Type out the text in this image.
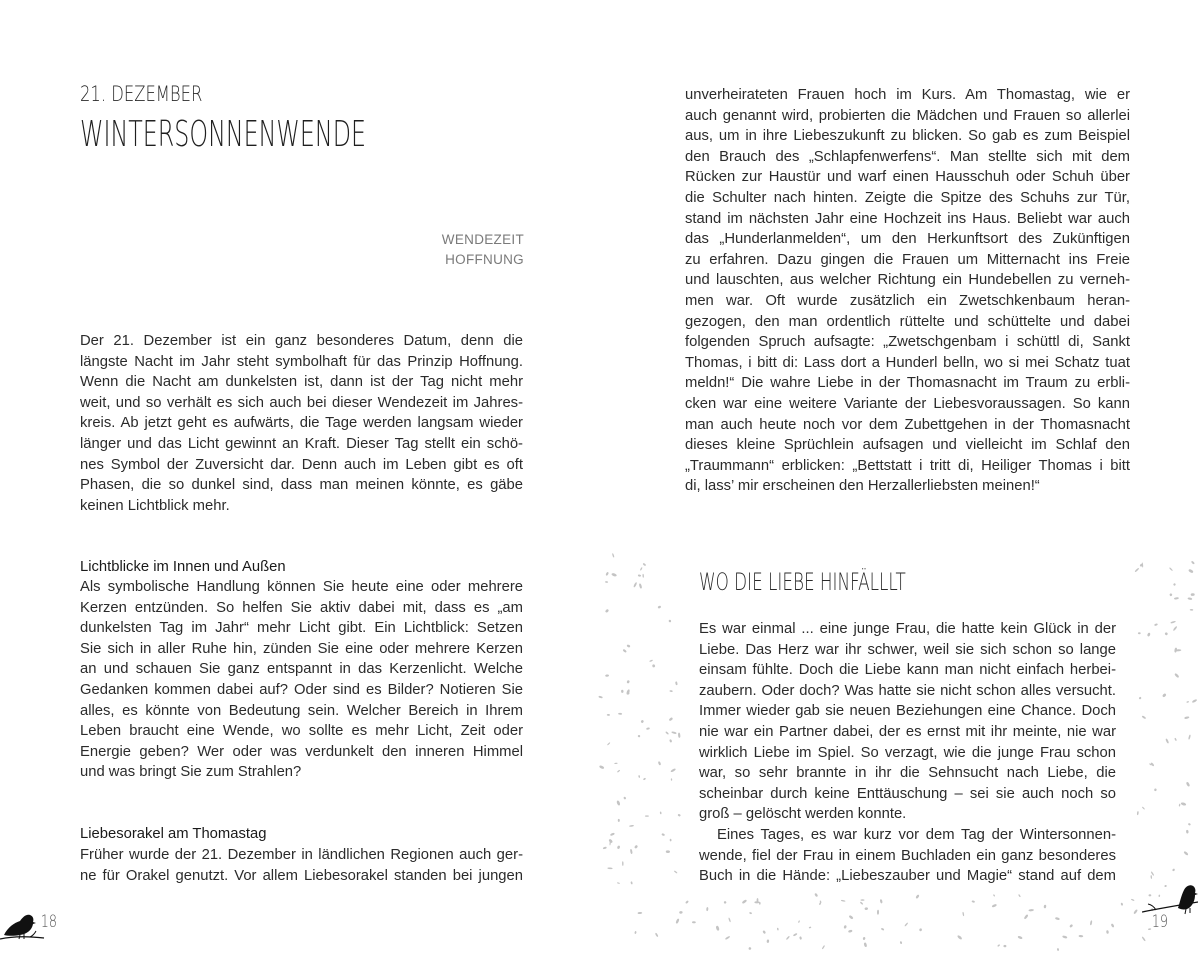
21. DEZEMBER
WINTERSONNENWENDE
WENDEZEIT
HOFFNUNG
Der 21. Dezember ist ein ganz besonderes Datum, denn die
längste Nacht im Jahr steht symbolhaft für das Prinzip Hoffnung.
Wenn die Nacht am dunkelsten ist, dann ist der Tag nicht mehr
weit, und so verhält es sich auch bei dieser Wendezeit im Jahres-
kreis. Ab jetzt geht es aufwärts, die Tage werden langsam wieder
länger und das Licht gewinnt an Kraft. Dieser Tag stellt ein schö-
nes Symbol der Zuversicht dar. Denn auch im Leben gibt es oft
Phasen, die so dunkel sind, dass man meinen könnte, es gäbe
keinen Lichtblick mehr.
Lichtblicke im Innen und Außen
Als symbolische Handlung können Sie heute eine oder mehrere
Kerzen entzünden. So helfen Sie aktiv dabei mit, dass es „am
dunkelsten Tag im Jahr“ mehr Licht gibt. Ein Lichtblick: Setzen
Sie sich in aller Ruhe hin, zünden Sie eine oder mehrere Kerzen
an und schauen Sie ganz entspannt in das Kerzenlicht. Welche
Gedanken kommen dabei auf? Oder sind es Bilder? Notieren Sie
alles, es könnte von Bedeutung sein. Welcher Bereich in Ihrem
Leben braucht eine Wende, wo sollte es mehr Licht, Zeit oder
Energie geben? Wer oder was verdunkelt den inneren Himmel
und was bringt Sie zum Strahlen?
Liebesorakel am Thomastag
Früher wurde der 21. Dezember in ländlichen Regionen auch ger-
ne für Orakel genutzt. Vor allem Liebesorakel standen bei jungen
18
unverheirateten Frauen hoch im Kurs. Am Thomastag, wie er
auch genannt wird, probierten die Mädchen und Frauen so allerlei
aus, um in ihre Liebeszukunft zu blicken. So gab es zum Beispiel
den Brauch des „Schlapfenwerfens“. Man stellte sich mit dem
Rücken zur Haustür und warf einen Hausschuh oder Schuh über
die Schulter nach hinten. Zeigte die Spitze des Schuhs zur Tür,
stand im nächsten Jahr eine Hochzeit ins Haus. Beliebt war auch
das „Hunderlanmelden“, um den Herkunftsort des Zukünftigen
zu erfahren. Dazu gingen die Frauen um Mitternacht ins Freie
und lauschten, aus welcher Richtung ein Hundebellen zu verneh-
men war. Oft wurde zusätzlich ein Zwetschkenbaum heran-
gezogen, den man ordentlich rüttelte und schüttelte und dabei
folgenden Spruch aufsagte: „Zwetschgenbam i schüttl di, Sankt
Thomas, i bitt di: Lass dort a Hunderl belln, wo si mei Schatz tuat
meldn!“ Die wahre Liebe in der Thomasnacht im Traum zu erbli-
cken war eine weitere Variante der Liebesvoraussagen. So kann
man auch heute noch vor dem Zubettgehen in der Thomasnacht
dieses kleine Sprüchlein aufsagen und vielleicht im Schlaf den
„Traummann“ erblicken: „Bettstatt i tritt di, Heiliger Thomas i bitt
di, lass’ mir erscheinen den Herzallerliebsten meinen!“
WO DIE LIEBE HINFÄLLLT
Es war einmal ... eine junge Frau, die hatte kein Glück in der
Liebe. Das Herz war ihr schwer, weil sie sich schon so lange
einsam fühlte. Doch die Liebe kann man nicht einfach herbei-
zaubern. Oder doch? Was hatte sie nicht schon alles versucht.
Immer wieder gab sie neuen Beziehungen eine Chance. Doch
nie war ein Partner dabei, der es ernst mit ihr meinte, nie war
wirklich Liebe im Spiel. So verzagt, wie die junge Frau schon
war, so sehr brannte in ihr die Sehnsucht nach Liebe, die
scheinbar durch keine Enttäuschung – sei sie auch noch so
groß – gelöscht werden konnte.
Eines Tages, es war kurz vor dem Tag der Wintersonnen-
wende, fiel der Frau in einem Buchladen ein ganz besonderes
Buch in die Hände: „Liebeszauber und Magie“ stand auf dem
19
